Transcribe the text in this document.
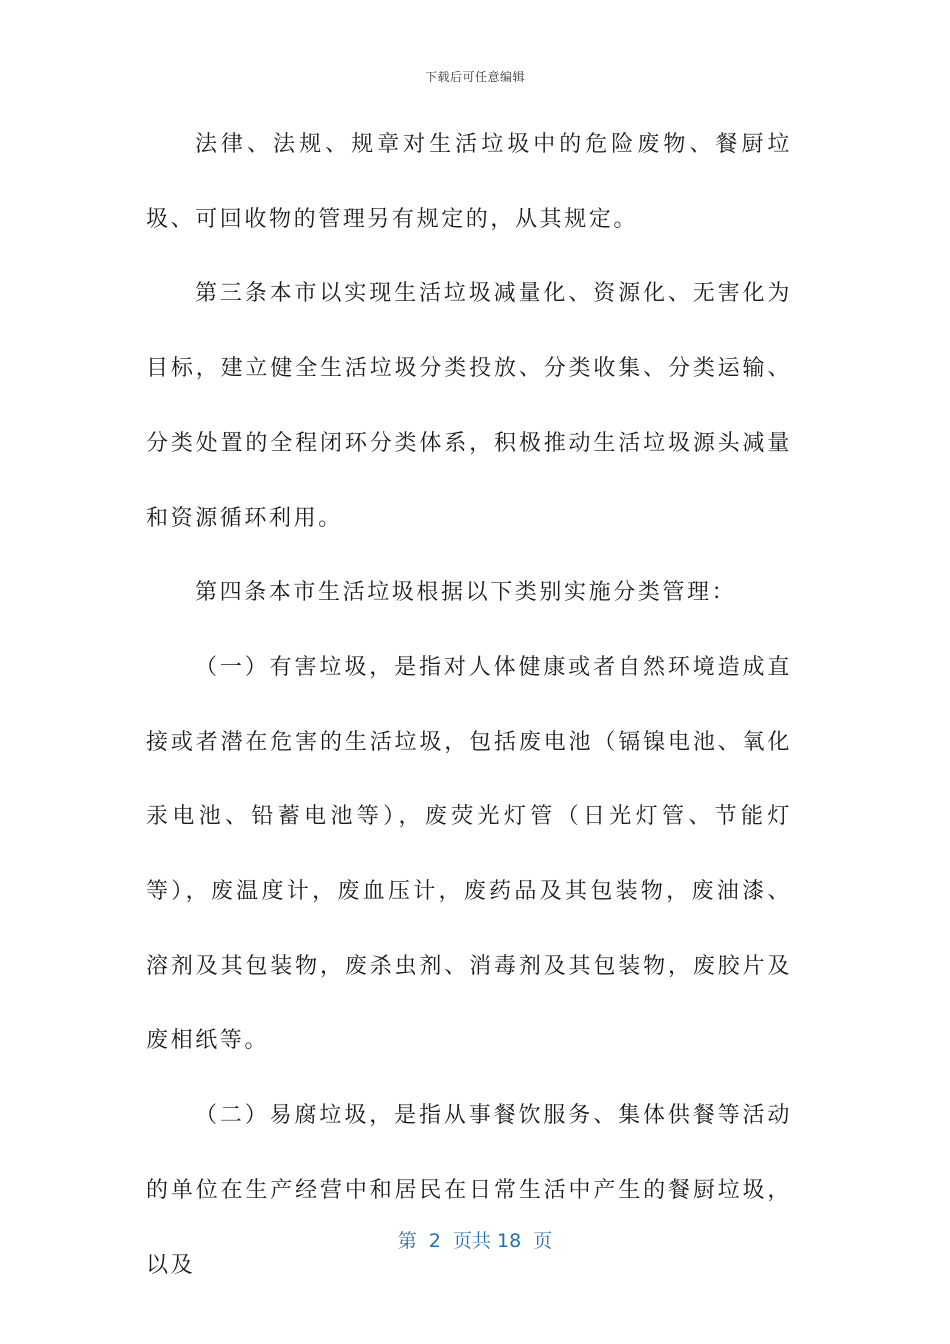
下载后可任意编辑

法律、法规、规章对生活垃圾中的危险废物、餐厨垃圾、可回收物的管理另有规定的，从其规定。

第三条本市以实现生活垃圾减量化、资源化、无害化为目标，建立健全生活垃圾分类投放、分类收集、分类运输、分类处置的全程闭环分类体系，积极推动生活垃圾源头减量和资源循环利用。

第四条本市生活垃圾根据以下类别实施分类管理：

（一）有害垃圾，是指对人体健康或者自然环境造成直接或者潜在危害的生活垃圾，包括废电池（镉镍电池、氧化汞电池、铅蓄电池等），废荧光灯管（日光灯管、节能灯等），废温度计，废血压计，废药品及其包装物，废油漆、溶剂及其包装物，废杀虫剂、消毒剂及其包装物，废胶片及废相纸等。

（二）易腐垃圾，是指从事餐饮服务、集体供餐等活动的单位在生产经营中和居民在日常生活中产生的餐厨垃圾，以及

第  2  页共 18  页
